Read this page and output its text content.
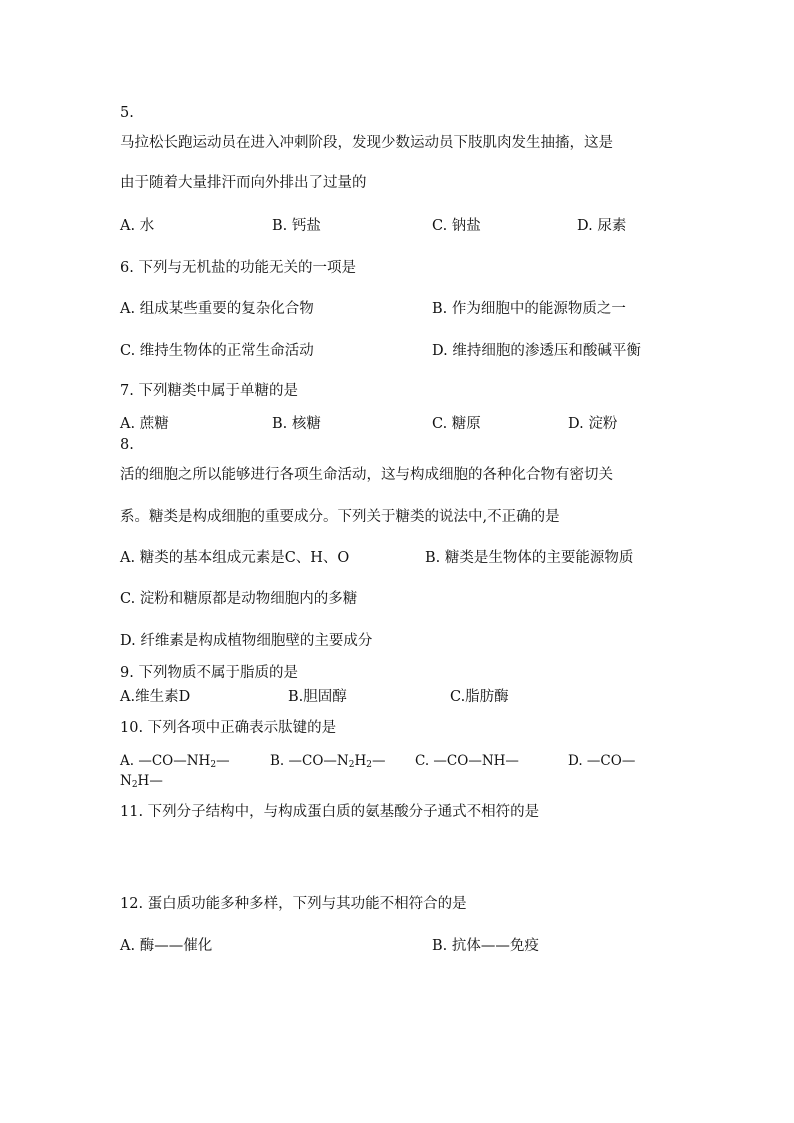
5.
马拉松长跑运动员在进入冲刺阶段，发现少数运动员下肢肌肉发生抽搐，这是
由于随着大量排汗而向外排出了过量的
A. 水	B. 钙盐	C. 钠盐	D. 尿素
6. 下列与无机盐的功能无关的一项是
A. 组成某些重要的复杂化合物	B. 作为细胞中的能源物质之一
C. 维持生物体的正常生命活动	D. 维持细胞的渗透压和酸碱平衡
7. 下列糖类中属于单糖的是
A. 蔗糖	B. 核糖	C. 糖原	D. 淀粉
8.
活的细胞之所以能够进行各项生命活动，这与构成细胞的各种化合物有密切关
系。糖类是构成细胞的重要成分。下列关于糖类的说法中,不正确的是
A. 糖类的基本组成元素是C、H、O	B. 糖类是生物体的主要能源物质
C. 淀粉和糖原都是动物细胞内的多糖
D. 纤维素是构成植物细胞壁的主要成分
9. 下列物质不属于脂质的是
A.维生素D	B.胆固醇	C.脂肪酶
10. 下列各项中正确表示肽键的是
A. $—CO—NH_2—$	B. $—CO—N_2H_2—$ C. —CO—NH—	D. —CO—
$N_2H—$
11. 下列分子结构中，与构成蛋白质的氨基酸分子通式不相符的是
12. 蛋白质功能多种多样，下列与其功能不相符合的是
A. 酶——催化	B. 抗体——免疫
